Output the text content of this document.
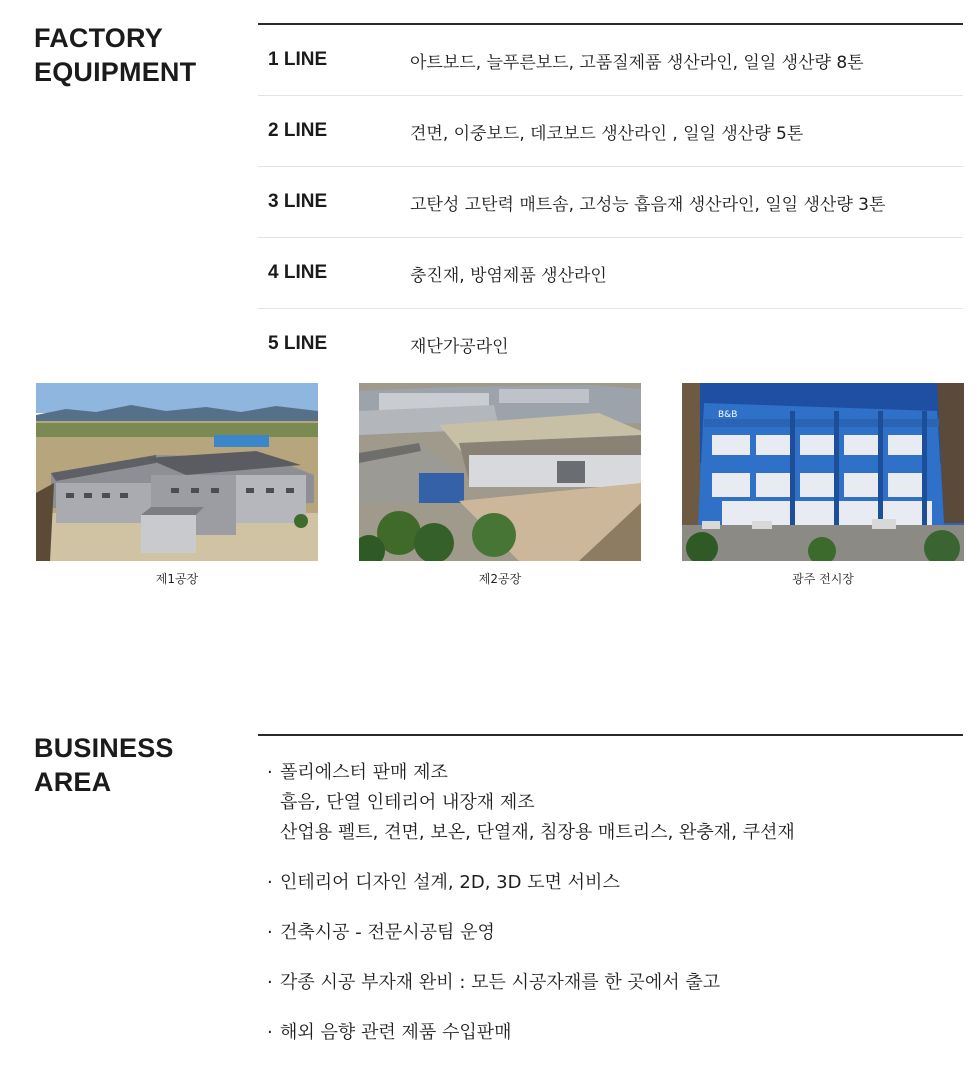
FACTORY
EQUIPMENT	1 LINE	아트보드, 늘푸른보드, 고품질제품 생산라인, 일일 생산량 8톤
2 LINE	견면, 이중보드, 데코보드 생산라인 , 일일 생산량 5톤
3 LINE	고탄성 고탄력 매트솜, 고성능 흡음재 생산라인, 일일 생산량 3톤
4 LINE	충진재, 방염제품 생산라인
5 LINE	재단가공라인
제1공장	제2공장
B&B
광주 전시장
BUSINESS
AREA	· 폴리에스터 판매 제조
흡음, 단열 인테리어 내장재 제조
산업용 펠트, 견면, 보온, 단열재, 침장용 매트리스, 완충재, 쿠션재
· 인테리어 디자인 설계, 2D, 3D 도면 서비스
· 건축시공 - 전문시공팀 운영
· 각종 시공 부자재 완비 : 모든 시공자재를 한 곳에서 출고
· 해외 음향 관련 제품 수입판매
